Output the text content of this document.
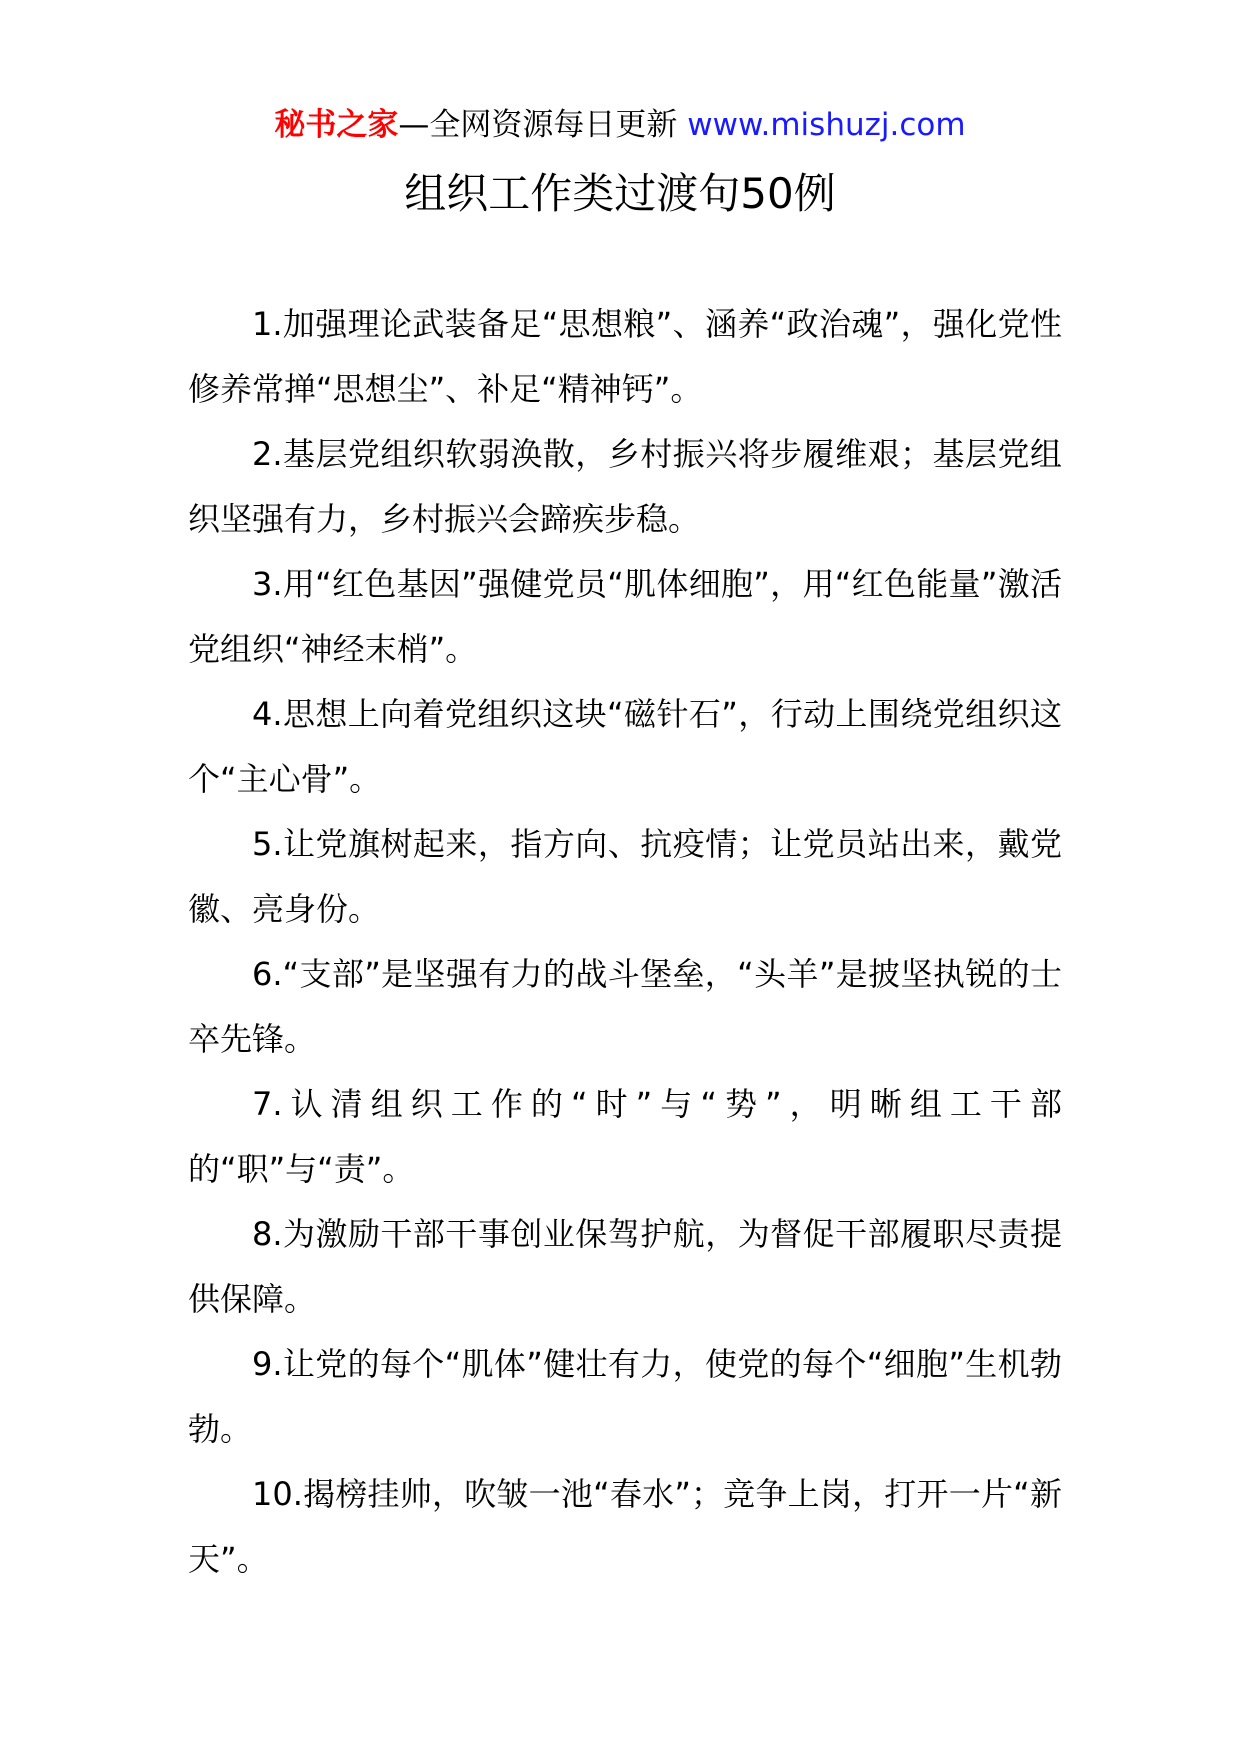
秘书之家—全网资源每日更新 www.mishuzj.com
组织工作类过渡句50例

1.加强理论武装备足“思想粮”、涵养“政治魂”，强化党性修养常掸“思想尘”、补足“精神钙”。

2.基层党组织软弱涣散，乡村振兴将步履维艰；基层党组织坚强有力，乡村振兴会蹄疾步稳。

3.用“红色基因”强健党员“肌体细胞”，用“红色能量”激活党组织“神经末梢”。

4.思想上向着党组织这块“磁针石”，行动上围绕党组织这个“主心骨”。

5.让党旗树起来，指方向、抗疫情；让党员站出来，戴党徽、亮身份。

6.“支部”是坚强有力的战斗堡垒，“头羊”是披坚执锐的士卒先锋。

7.认清组织工作的“时”与“势”，明晰组工干部的“职”与“责”。

8.为激励干部干事创业保驾护航，为督促干部履职尽责提供保障。

9.让党的每个“肌体”健壮有力，使党的每个“细胞”生机勃勃。

10.揭榜挂帅，吹皱一池“春水”；竞争上岗，打开一片“新天”。
